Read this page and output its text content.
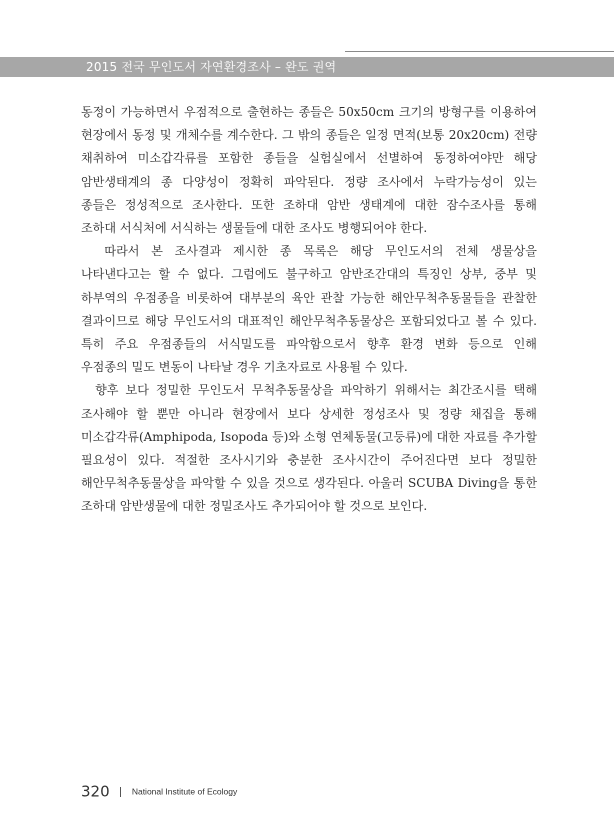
2015 전국 무인도서 자연환경조사 – 완도 권역
동정이 가능하면서 우점적으로 출현하는 종들은 50x50cm 크기의 방형구를 이용하여
현장에서 동정 및 개체수를 계수한다. 그 밖의 종들은 일정 면적(보통 20x20cm) 전량
채취하여 미소갑각류를 포함한 종들을 실험실에서 선별하여 동정하여야만 해당
암반생태계의 종 다양성이 정확히 파악된다. 정량 조사에서 누락가능성이 있는
종들은 정성적으로 조사한다. 또한 조하대 암반 생태계에 대한 잠수조사를 통해
조하대 서식처에 서식하는 생물들에 대한 조사도 병행되어야 한다.
따라서 본 조사결과 제시한 종 목록은 해당 무인도서의 전체 생물상을
나타낸다고는 할 수 없다. 그럼에도 불구하고 암반조간대의 특징인 상부, 중부 및
하부역의 우점종을 비롯하여 대부분의 육안 관찰 가능한 해안무척추동물들을 관찰한
결과이므로 해당 무인도서의 대표적인 해안무척추동물상은 포함되었다고 볼 수 있다.
특히 주요 우점종들의 서식밀도를 파악함으로서 향후 환경 변화 등으로 인해
우점종의 밀도 변동이 나타날 경우 기초자료로 사용될 수 있다.
향후 보다 정밀한 무인도서 무척추동물상을 파악하기 위해서는 최간조시를 택해
조사해야 할 뿐만 아니라 현장에서 보다 상세한 정성조사 및 정량 채집을 통해
미소갑각류(Amphipoda, Isopoda 등)와 소형 연체동물(고둥류)에 대한 자료를 추가할
필요성이 있다. 적절한 조사시기와 충분한 조사시간이 주어진다면 보다 정밀한
해안무척추동물상을 파악할 수 있을 것으로 생각된다. 아울러 SCUBA Diving을 통한
조하대 암반생물에 대한 정밀조사도 추가되어야 할 것으로 보인다.
320	National Institute of Ecology
